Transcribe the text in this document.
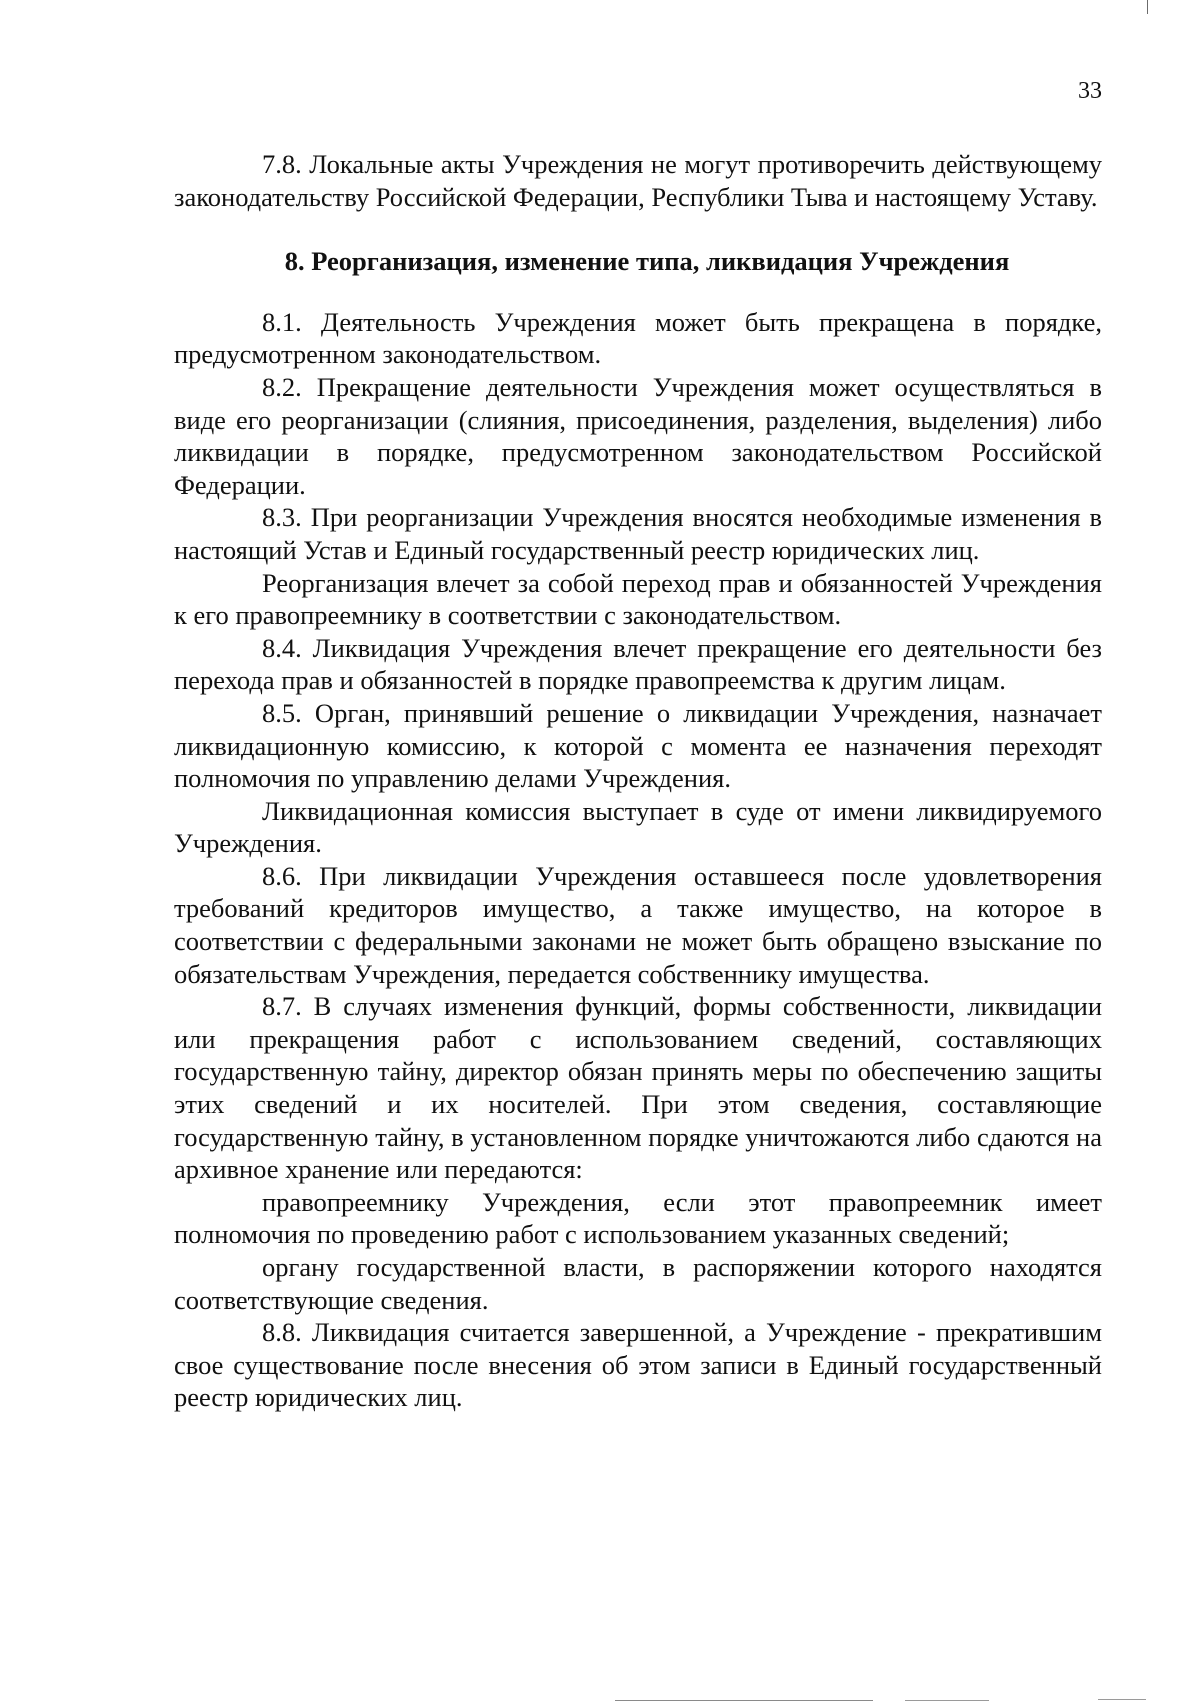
33

7.8. Локальные акты Учреждения не могут противоречить действующему законодательству Российской Федерации, Республики Тыва и настоящему Уставу.

8. Реорганизация, изменение типа, ликвидация Учреждения

8.1. Деятельность Учреждения может быть прекращена в порядке, предусмотренном законодательством.

8.2. Прекращение деятельности Учреждения может осуществляться в виде его реорганизации (слияния, присоединения, разделения, выделения) либо ликвидации в порядке, предусмотренном законодательством Российской Федерации.

8.3. При реорганизации Учреждения вносятся необходимые изменения в настоящий Устав и Единый государственный реестр юридических лиц.

Реорганизация влечет за собой переход прав и обязанностей Учреждения к его правопреемнику в соответствии с законодательством.

8.4. Ликвидация Учреждения влечет прекращение его деятельности без перехода прав и обязанностей в порядке правопреемства к другим лицам.

8.5. Орган, принявший решение о ликвидации Учреждения, назначает ликвидационную комиссию, к которой с момента ее назначения переходят полномочия по управлению делами Учреждения.

Ликвидационная комиссия выступает в суде от имени ликвидируемого Учреждения.

8.6. При ликвидации Учреждения оставшееся после удовлетворения требований кредиторов имущество, а также имущество, на которое в соответствии с федеральными законами не может быть обращено взыскание по обязательствам Учреждения, передается собственнику имущества.

8.7. В случаях изменения функций, формы собственности, ликвидации или прекращения работ с использованием сведений, составляющих государственную тайну, директор обязан принять меры по обеспечению защиты этих сведений и их носителей. При этом сведения, составляющие государственную тайну, в установленном порядке уничтожаются либо сдаются на архивное хранение или передаются:

правопреемнику Учреждения, если этот правопреемник имеет полномочия по проведению работ с использованием указанных сведений;

органу государственной власти, в распоряжении которого находятся соответствующие сведения.

8.8. Ликвидация считается завершенной, а Учреждение - прекратившим свое существование после внесения об этом записи в Единый государственный реестр юридических лиц.
